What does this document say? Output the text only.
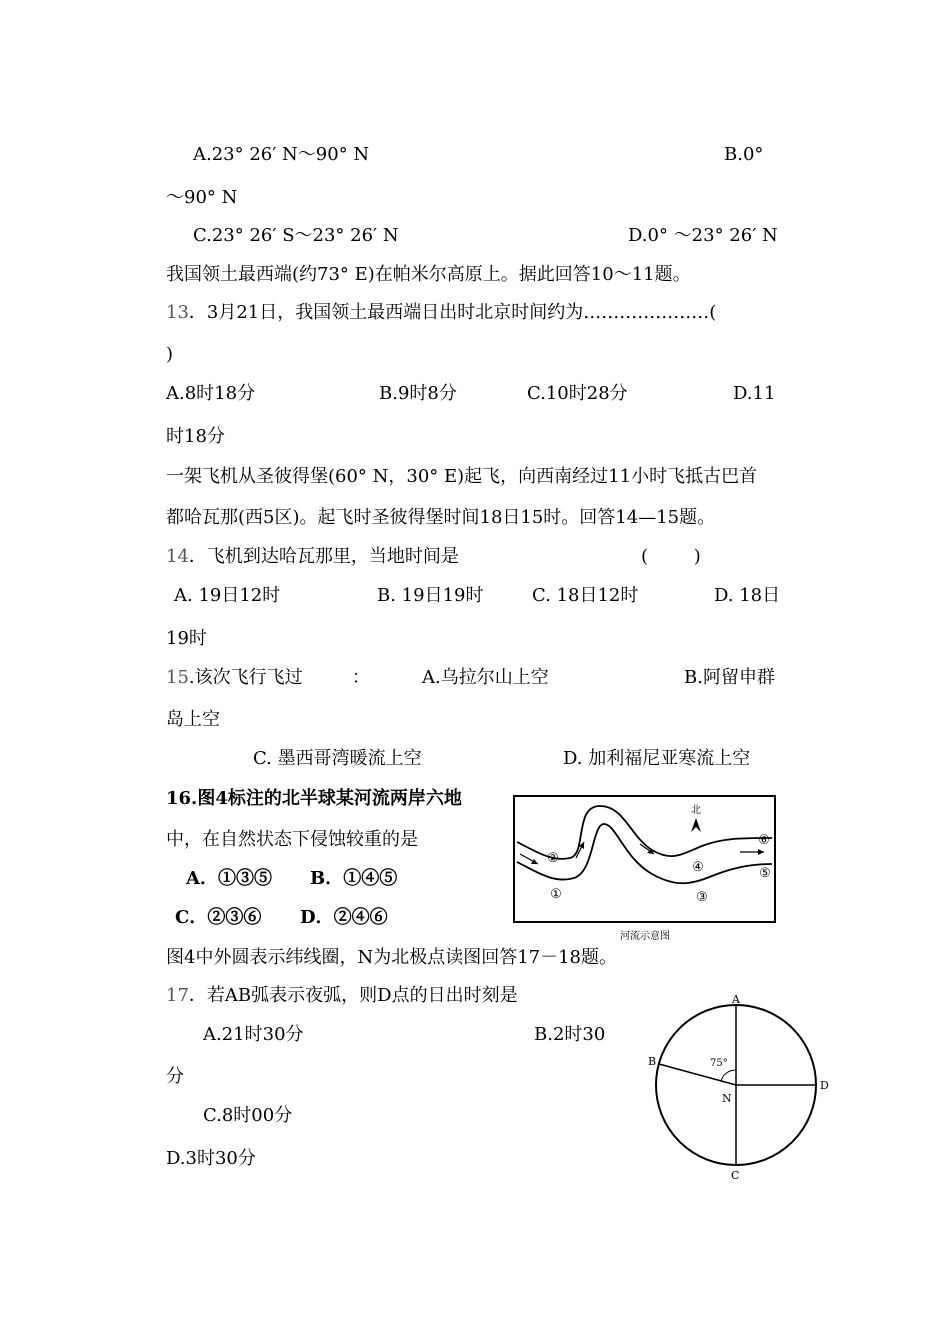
A.23° 26′ N～90° N	B.0°
～90° N
C.23° 26′ S～23° 26′ N	D.0° ～23° 26′ N
我国领土最西端(约73° E)在帕米尔高原上。据此回答10～11题。
13．3月21日，我国领土最西端日出时北京时间约为…………………(
)
A.8时18分	B.9时8分	C.10时28分	D.11
时18分
一架飞机从圣彼得堡(60° N，30° E)起飞，向西南经过11小时飞抵古巴首
都哈瓦那(西5区)。起飞时圣彼得堡时间18日15时。回答14—15题。
14．飞机到达哈瓦那里，当地时间是	(        )
A. 19日12时	B. 19日19时	C. 18日12时	D. 18日
19时
15.该次飞行飞过	：	A.乌拉尔山上空	B.阿留申群
岛上空
C. 墨西哥湾暖流上空	D. 加利福尼亚寒流上空
16.图4标注的北半球某河流两岸六地
中，在自然状态下侵蚀较重的是
A．①③⑤ B．①④⑤
C．②③⑥ D．②④⑥
北
①
②
③
④	⑤
⑥
河流示意图
图4中外圆表示纬线圈，N为北极点读图回答17－18题。
17．若AB弧表示夜弧，则D点的日出时刻是
A.21时30分	B.2时30
分
C.8时00分
D.3时30分
75°
A
B
C
D
N
